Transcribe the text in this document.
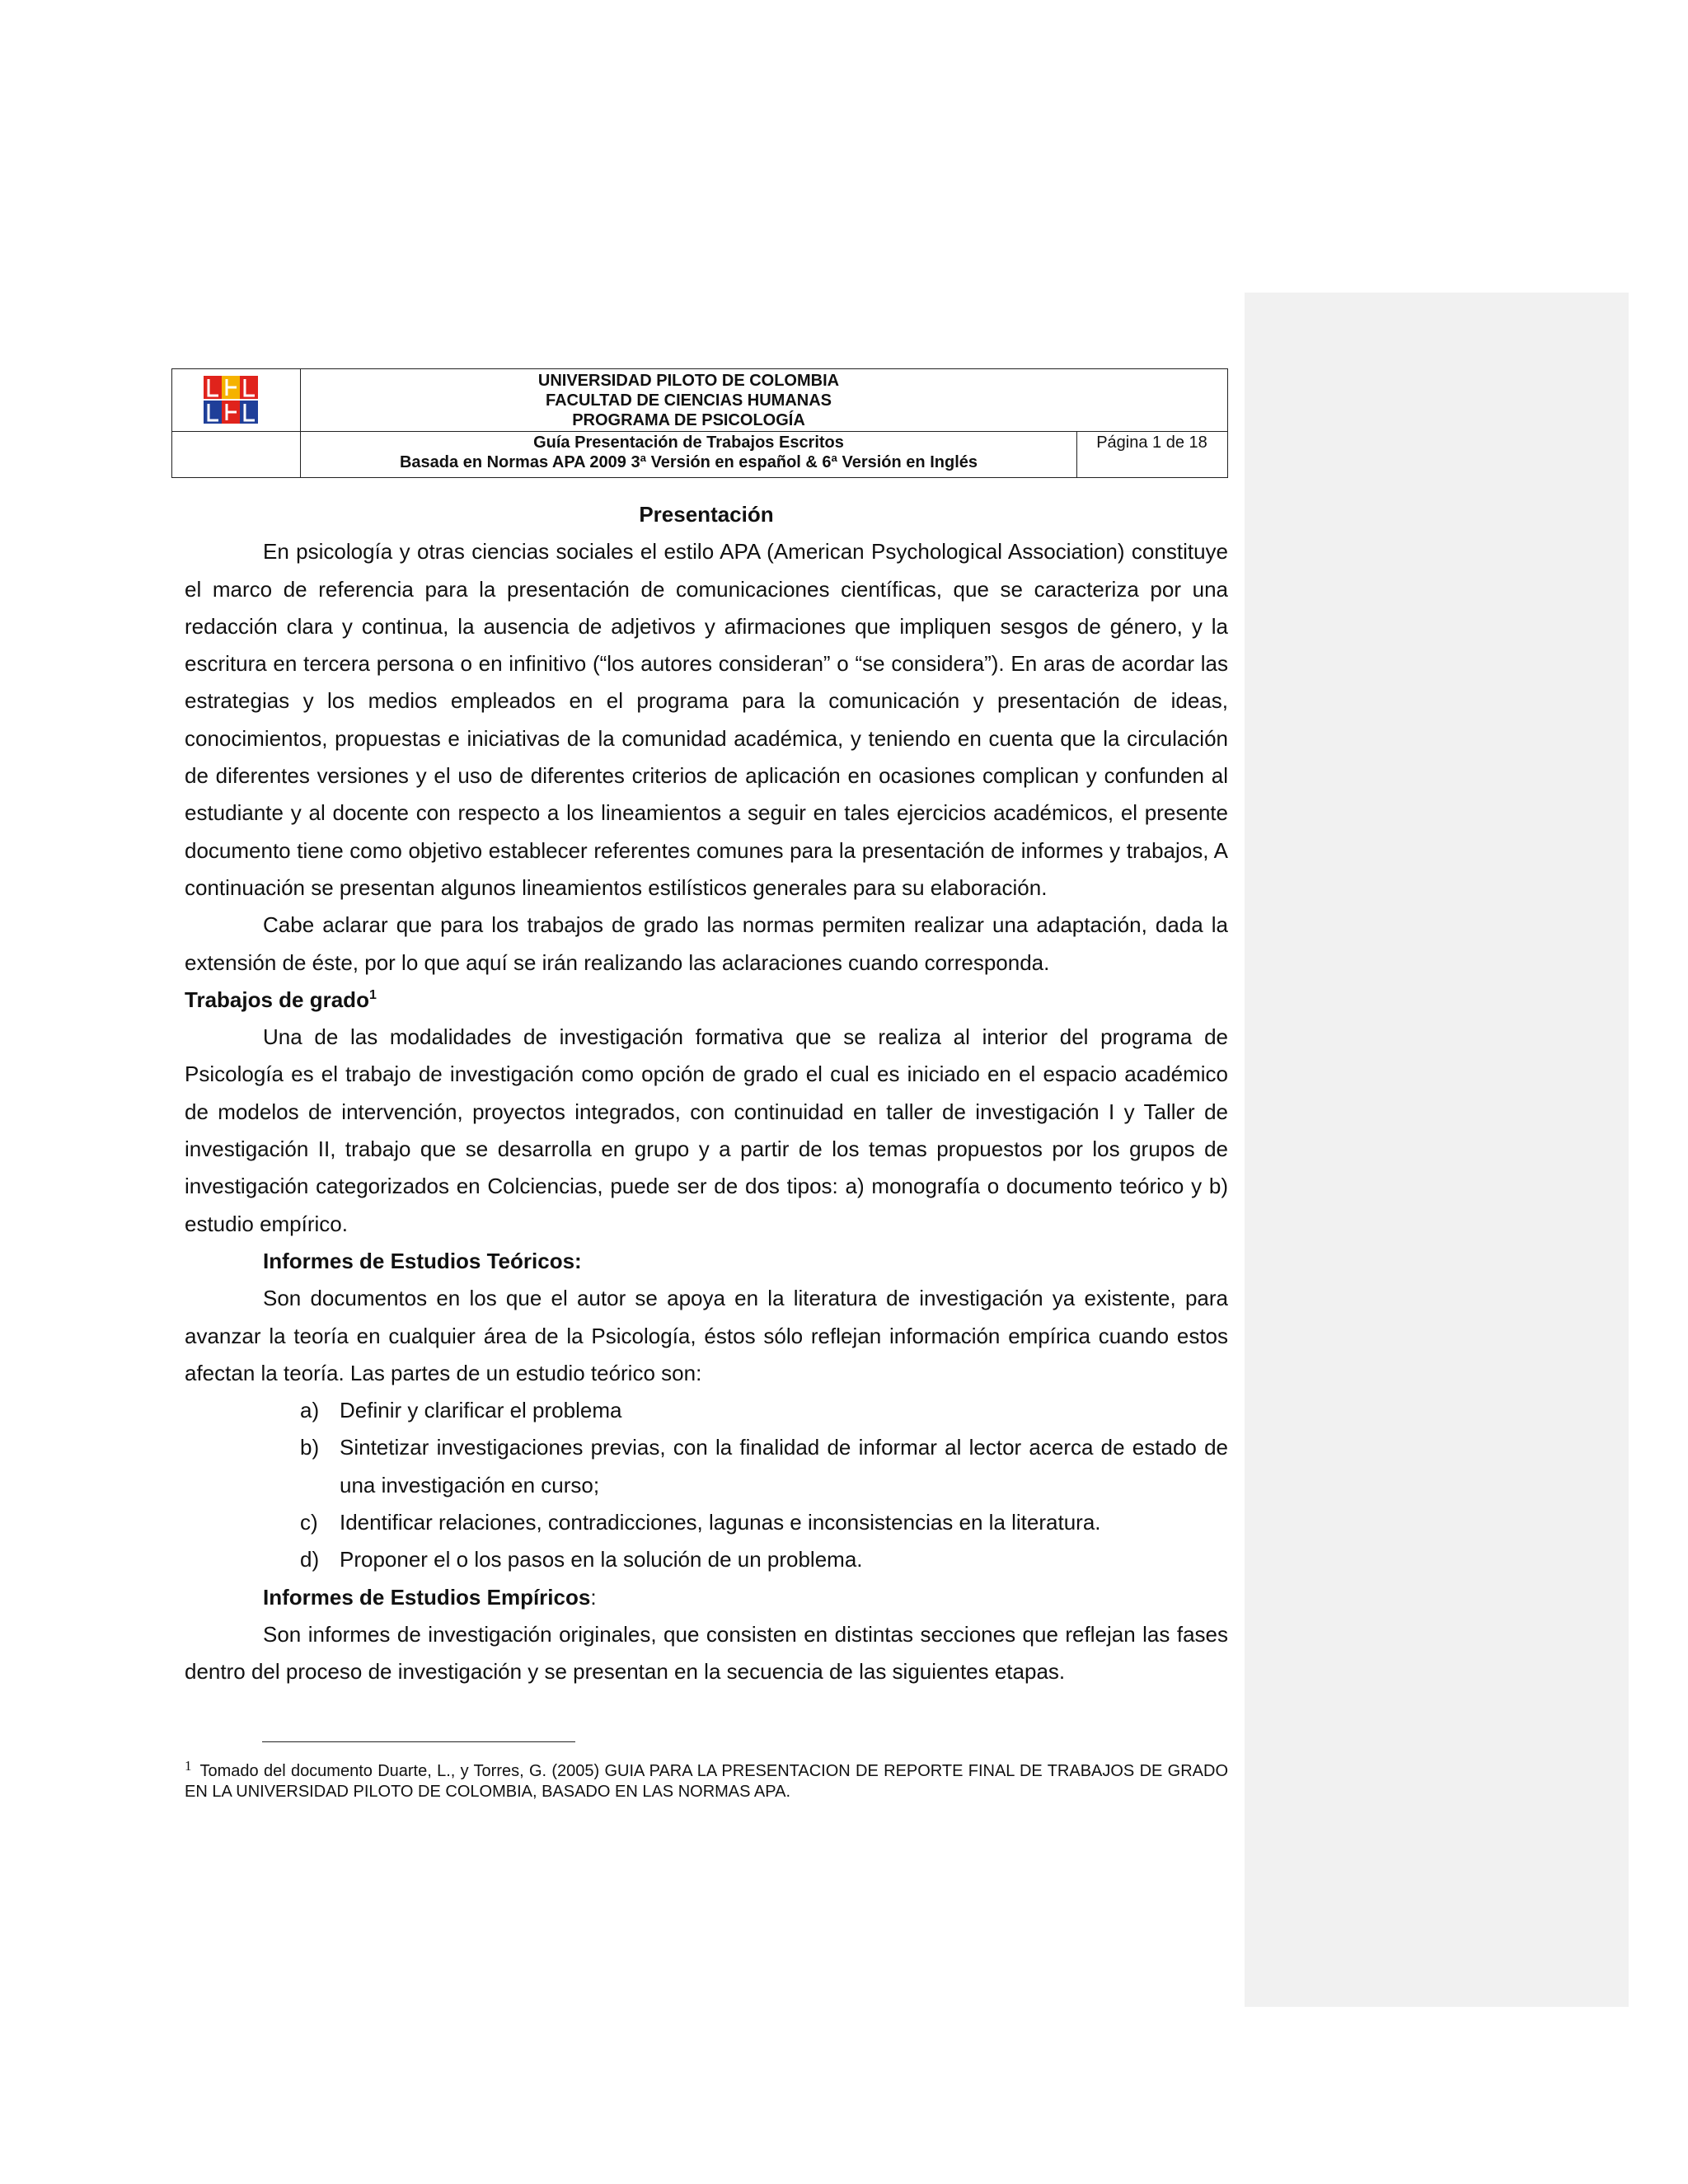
UNIVERSIDAD PILOTO DE COLOMBIA
FACULTAD DE CIENCIAS HUMANAS
PROGRAMA DE PSICOLOGÍA
Guía Presentación de Trabajos Escritos
Basada en Normas APA 2009 3ª Versión en español & 6ª Versión en Inglés
Página 1 de 18

Presentación

En psicología y otras ciencias sociales el estilo APA (American Psychological Association) constituye el marco de referencia para la presentación de comunicaciones científicas, que se caracteriza por una redacción clara y continua, la ausencia de adjetivos y afirmaciones que impliquen sesgos de género, y la escritura en tercera persona o en infinitivo (“los autores consideran” o “se considera”). En aras de acordar las estrategias y los medios empleados en el programa para la comunicación y presentación de ideas, conocimientos, propuestas e iniciativas de la comunidad académica, y teniendo en cuenta que la circulación de diferentes versiones y el uso de diferentes criterios de aplicación en ocasiones complican y confunden al estudiante y al docente con respecto a los lineamientos a seguir en tales ejercicios académicos, el presente documento tiene como objetivo establecer referentes comunes para la presentación de informes y trabajos, A continuación se presentan algunos lineamientos estilísticos generales para su elaboración.

Cabe aclarar que para los trabajos de grado las normas permiten realizar una adaptación, dada la extensión de éste, por lo que aquí se irán realizando las aclaraciones cuando corresponda.

Trabajos de grado$^1$

Una de las modalidades de investigación formativa que se realiza al interior del programa de Psicología es el trabajo de investigación como opción de grado el cual es iniciado en el espacio académico de modelos de intervención, proyectos integrados, con continuidad en taller de investigación I y Taller de investigación II, trabajo que se desarrolla en grupo y a partir de los temas propuestos por los grupos de investigación categorizados en Colciencias, puede ser de dos tipos: a) monografía o documento teórico y b) estudio empírico.

Informes de Estudios Teóricos:

Son documentos en los que el autor se apoya en la literatura de investigación ya existente, para avanzar la teoría en cualquier área de la Psicología, éstos sólo reflejan información empírica cuando estos afectan la teoría. Las partes de un estudio teórico son:

a) Definir y clarificar el problema
b) Sintetizar investigaciones previas, con la finalidad de informar al lector acerca de estado de una investigación en curso;
c) Identificar relaciones, contradicciones, lagunas e inconsistencias en la literatura.
d) Proponer el o los pasos en la solución de un problema.

Informes de Estudios Empíricos:

Son informes de investigación originales, que consisten en distintas secciones que reflejan las fases dentro del proceso de investigación y se presentan en la secuencia de las siguientes etapas.

$^1$ Tomado del documento Duarte, L., y Torres, G. (2005) GUIA PARA LA PRESENTACION DE REPORTE FINAL DE TRABAJOS DE GRADO EN LA UNIVERSIDAD PILOTO DE COLOMBIA, BASADO EN LAS NORMAS APA.
